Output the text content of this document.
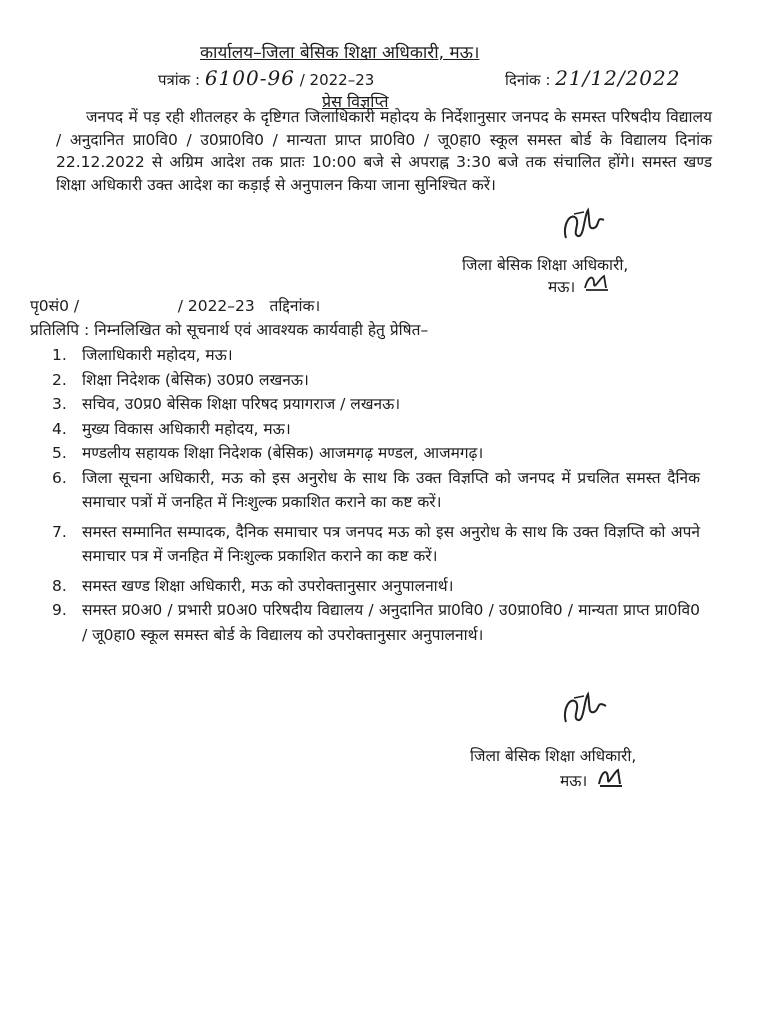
कार्यालय–जिला बेसिक शिक्षा अधिकारी, मऊ।
पत्रांक : 6100-96 / 2022–23	दिनांक : 21/12/2022
प्रेस विज्ञप्ति
जनपद में पड़ रही शीतलहर के दृष्टिगत जिलाधिकारी महोदय के निर्देशानुसार जनपद के समस्त परिषदीय विद्यालय / अनुदानित प्रा0वि0 / उ0प्रा0वि0 / मान्यता प्राप्त प्रा0वि0 / जू0हा0 स्कूल समस्त बोर्ड के विद्यालय दिनांक 22.12.2022 से अग्रिम आदेश तक प्रातः 10:00 बजे से अपराह्न 3:30 बजे तक संचालित होंगे। समस्त खण्ड शिक्षा अधिकारी उक्त आदेश का कड़ाई से अनुपालन किया जाना सुनिश्चित करें।
जिला बेसिक शिक्षा अधिकारी,
मऊ।
पृ0सं0 /                    / 2022–23   तद्दिनांक।
प्रतिलिपि : निम्नलिखित को सूचनार्थ एवं आवश्यक कार्यवाही हेतु प्रेषित–
1. जिलाधिकारी महोदय, मऊ।
2. शिक्षा निदेशक (बेसिक) उ0प्र0 लखनऊ।
3. सचिव, उ0प्र0 बेसिक शिक्षा परिषद प्रयागराज / लखनऊ।
4. मुख्य विकास अधिकारी महोदय, मऊ।
5. मण्डलीय सहायक शिक्षा निदेशक (बेसिक) आजमगढ़ मण्डल, आजमगढ़।
6. जिला सूचना अधिकारी, मऊ को इस अनुरोध के साथ कि उक्त विज्ञप्ति को जनपद में प्रचलित समस्त दैनिक समाचार पत्रों में जनहित में निःशुल्क प्रकाशित कराने का कष्ट करें।
7. समस्त सम्मानित सम्पादक, दैनिक समाचार पत्र जनपद मऊ को इस अनुरोध के साथ कि उक्त विज्ञप्ति को अपने समाचार पत्र में जनहित में निःशुल्क प्रकाशित कराने का कष्ट करें।
8. समस्त खण्ड शिक्षा अधिकारी, मऊ को उपरोक्तानुसार अनुपालनार्थ।
9. समस्त प्र0अ0 / प्रभारी प्र0अ0 परिषदीय विद्यालय / अनुदानित प्रा0वि0 / उ0प्रा0वि0 / मान्यता प्राप्त प्रा0वि0 / जू0हा0 स्कूल समस्त बोर्ड के विद्यालय को उपरोक्तानुसार अनुपालनार्थ।
जिला बेसिक शिक्षा अधिकारी,
मऊ।
